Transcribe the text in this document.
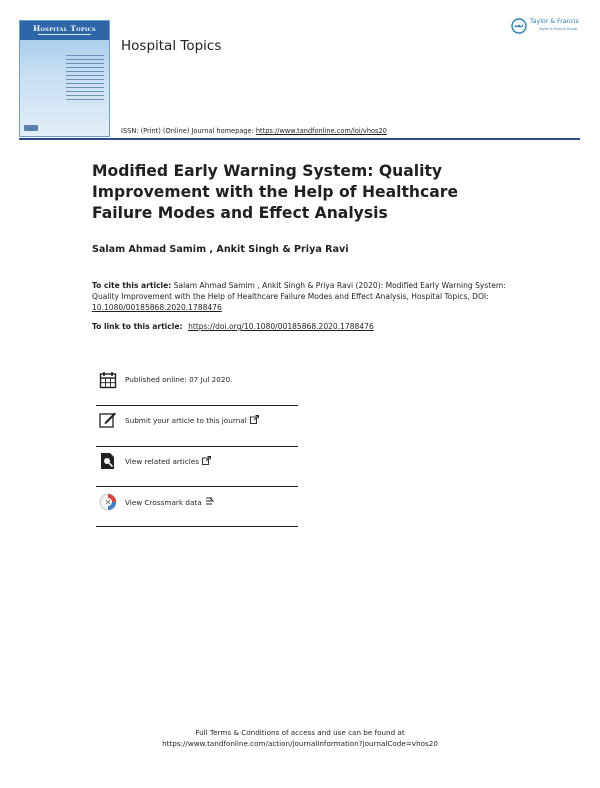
Hospital Topics
Hospital Topics
ISSN: (Print) (Online) Journal homepage: https://www.tandfonline.com/loi/vhos20
Taylor & Francis
Taylor & Francis Group
Modified Early Warning System: Quality Improvement with the Help of Healthcare Failure Modes and Effect Analysis
Salam Ahmad Samim , Ankit Singh & Priya Ravi
To cite this article: Salam Ahmad Samim , Ankit Singh & Priya Ravi (2020): Modified Early Warning System: Quality Improvement with the Help of Healthcare Failure Modes and Effect Analysis, Hospital Topics, DOI: 10.1080/00185868.2020.1788476
To link to this article: https://doi.org/10.1080/00185868.2020.1788476
Published online: 07 Jul 2020.
Submit your article to this journal
View related articles
View Crossmark data
Full Terms & Conditions of access and use can be found at
https://www.tandfonline.com/action/journalInformation?journalCode=vhos20
